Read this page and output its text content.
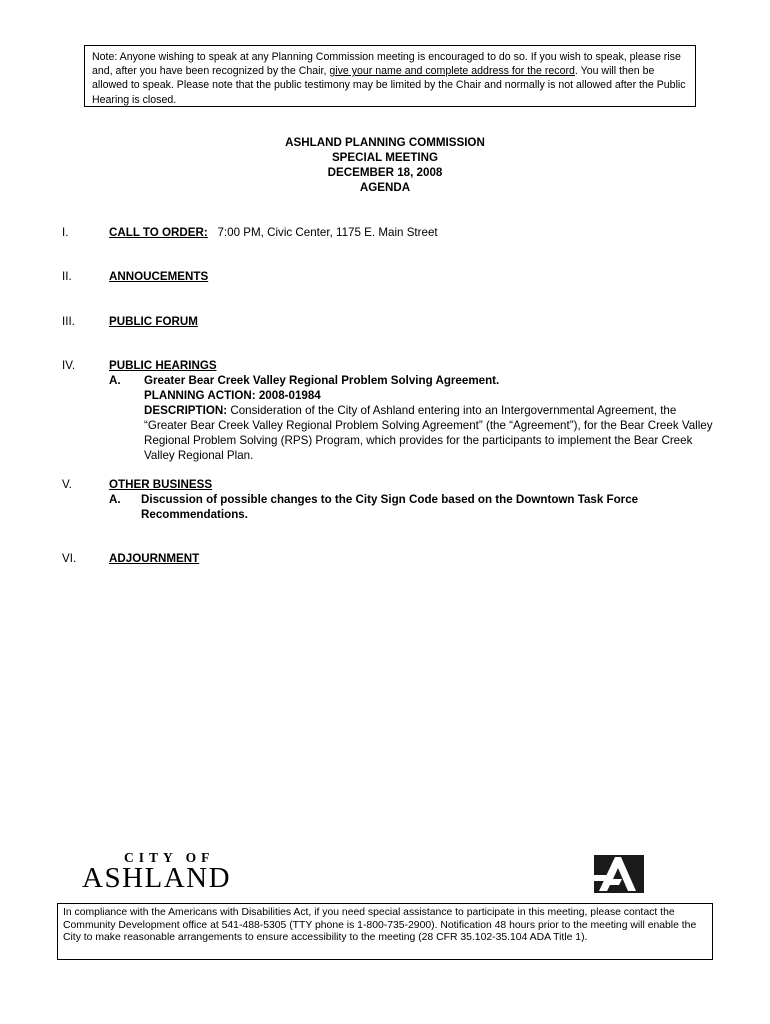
Note: Anyone wishing to speak at any Planning Commission meeting is encouraged to do so. If you wish to speak, please rise and, after you have been recognized by the Chair, give your name and complete address for the record. You will then be allowed to speak. Please note that the public testimony may be limited by the Chair and normally is not allowed after the Public Hearing is closed.
ASHLAND PLANNING COMMISSION
SPECIAL MEETING
DECEMBER 18, 2008
AGENDA
I.	CALL TO ORDER: 7:00 PM, Civic Center, 1175 E. Main Street
II.	ANNOUCEMENTS
III.	PUBLIC FORUM
IV.	PUBLIC HEARINGS
A. Greater Bear Creek Valley Regional Problem Solving Agreement.
PLANNING ACTION: 2008-01984
DESCRIPTION: Consideration of the City of Ashland entering into an Intergovernmental Agreement, the “Greater Bear Creek Valley Regional Problem Solving Agreement” (the “Agreement”), for the Bear Creek Valley Regional Problem Solving (RPS) Program, which provides for the participants to implement the Bear Creek Valley Regional Plan.
V.	OTHER BUSINESS
A. Discussion of possible changes to the City Sign Code based on the Downtown Task Force Recommendations.
VI.	ADJOURNMENT
CITY OF
ASHLAND
In compliance with the Americans with Disabilities Act, if you need special assistance to participate in this meeting, please contact the Community Development office at 541-488-5305 (TTY phone is 1-800-735-2900). Notification 48 hours prior to the meeting will enable the City to make reasonable arrangements to ensure accessibility to the meeting (28 CFR 35.102-35.104 ADA Title 1).
